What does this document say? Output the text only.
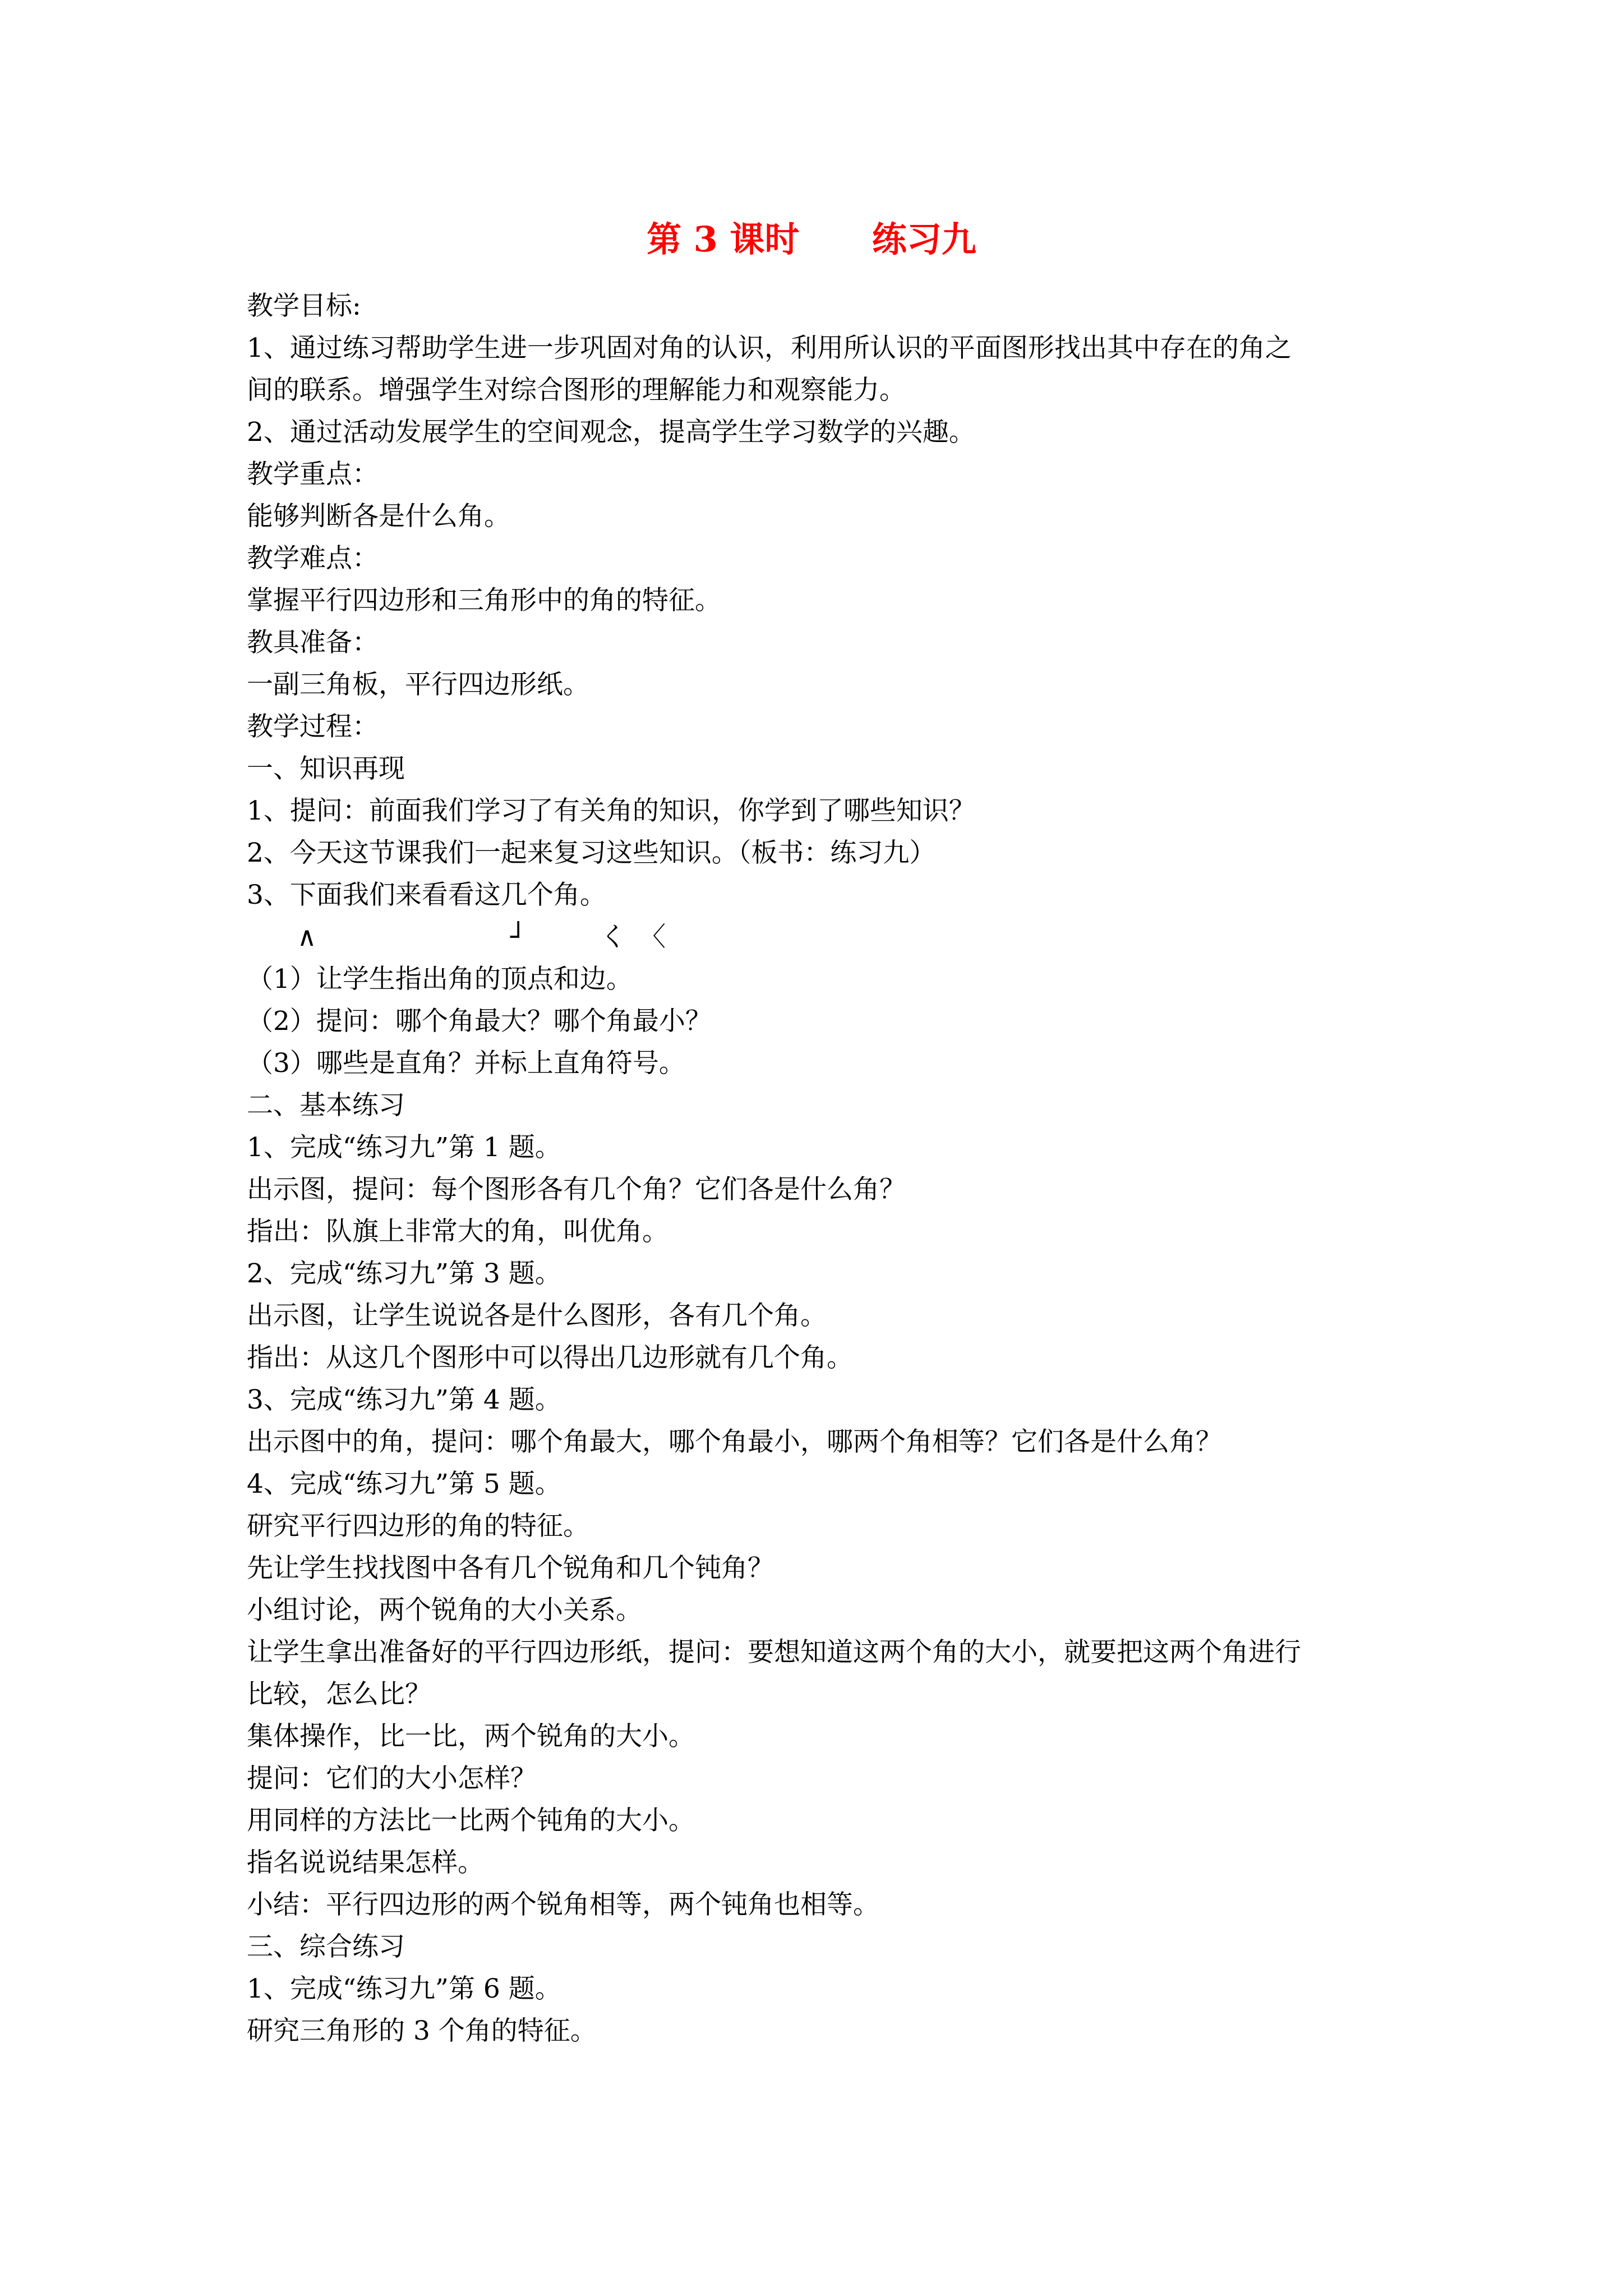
第 3 课时      练习九
教学目标:
1、通过练习帮助学生进一步巩固对角的认识，利用所认识的平面图形找出其中存在的角之
间的联系。增强学生对综合图形的理解能力和观察能力。
2、通过活动发展学生的空间观念，提高学生学习数学的兴趣。
教学重点：
能够判断各是什么角。
教学难点：
掌握平行四边形和三角形中的角的特征。
教具准备：
一副三角板，平行四边形纸。
教学过程：
一、知识再现
1、提问：前面我们学习了有关角的知识，你学到了哪些知识？
2、今天这节课我们一起来复习这些知识。（板书：练习九）
3、下面我们来看看这几个角。
∧	┘	く 〈
（1）让学生指出角的顶点和边。
（2）提问：哪个角最大？哪个角最小？
（3）哪些是直角？并标上直角符号。
二、基本练习
1、完成“练习九”第 1 题。
出示图，提问：每个图形各有几个角？它们各是什么角？
指出：队旗上非常大的角，叫优角。
2、完成“练习九”第 3 题。
出示图，让学生说说各是什么图形，各有几个角。
指出：从这几个图形中可以得出几边形就有几个角。
3、完成“练习九”第 4 题。
出示图中的角，提问：哪个角最大，哪个角最小，哪两个角相等？它们各是什么角？
4、完成“练习九”第 5 题。
研究平行四边形的角的特征。
先让学生找找图中各有几个锐角和几个钝角？
小组讨论，两个锐角的大小关系。
让学生拿出准备好的平行四边形纸，提问：要想知道这两个角的大小，就要把这两个角进行
比较，怎么比？
集体操作，比一比，两个锐角的大小。
提问：它们的大小怎样？
用同样的方法比一比两个钝角的大小。
指名说说结果怎样。
小结：平行四边形的两个锐角相等，两个钝角也相等。
三、综合练习
1、完成“练习九”第 6 题。
研究三角形的 3 个角的特征。
